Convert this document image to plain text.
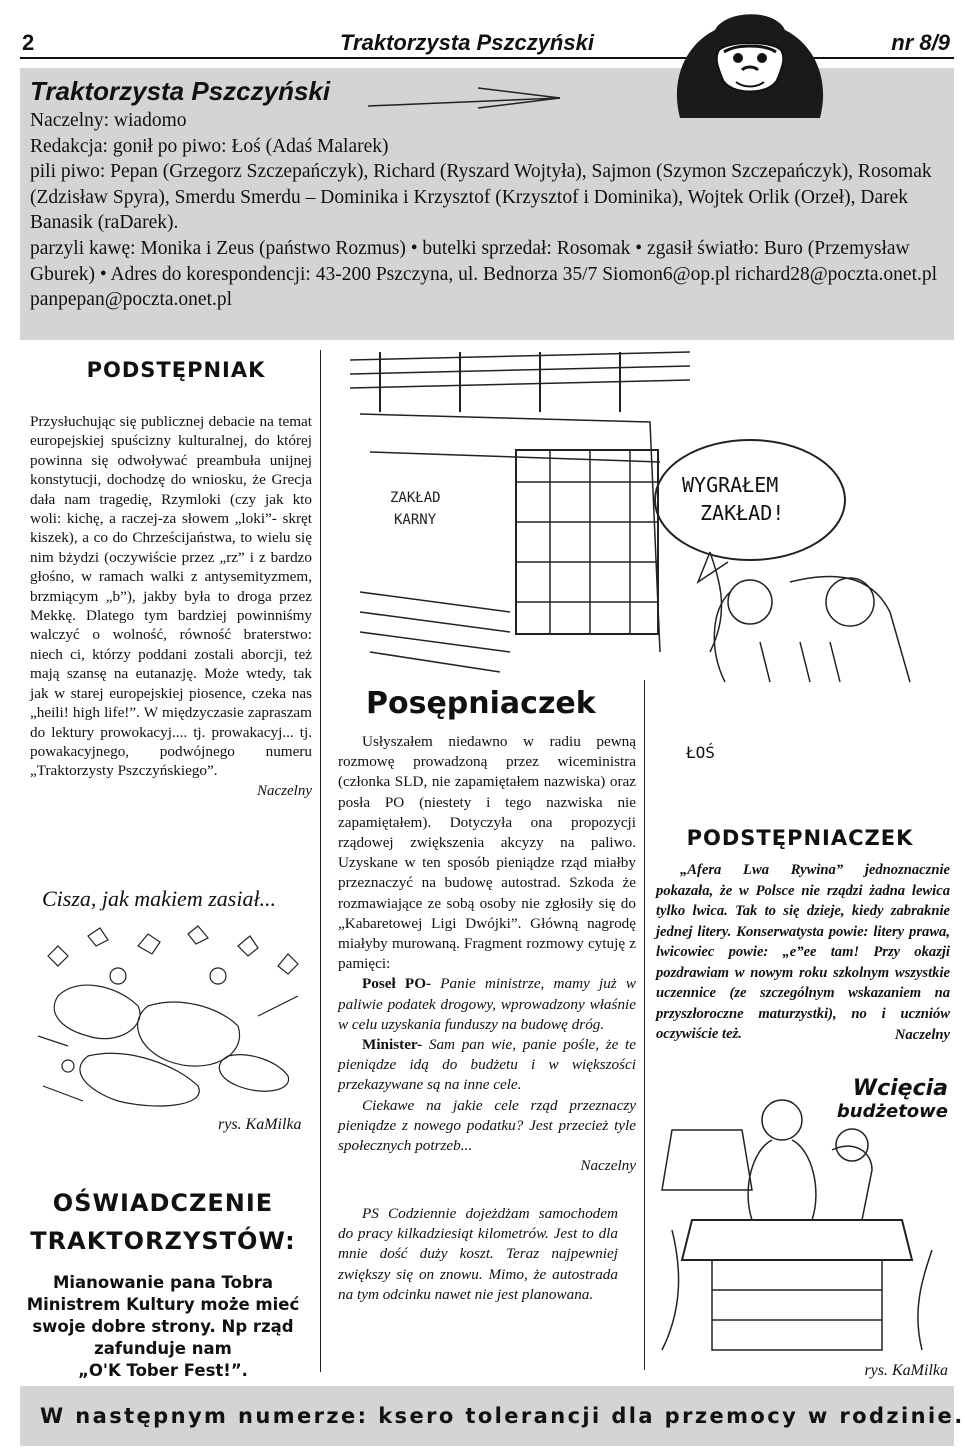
2	Traktorzysta Pszczyński	nr 8/9
Traktorzysta Pszczyński

Naczelny: wiadomo

Redakcja: gonił po piwo: Łoś (Adaś Malarek)

pili piwo: Pepan (Grzegorz Szczepańczyk), Richard (Ryszard Wojtyła), Sajmon (Szymon Szczepańczyk), Rosomak (Zdzisław Spyra), Smerdu Smerdu – Dominika i Krzysztof (Krzysztof i Dominika), Wojtek Orlik (Orzeł), Darek Banasik (raDarek).

parzyli kawę: Monika i Zeus (państwo Rozmus) • butelki sprzedał: Rosomak • zgasił światło: Buro (Przemysław Gburek) • Adres do korespondencji: 43-200 Pszczyna, ul. Bednorza 35/7 Siomon6@op.pl richard28@poczta.onet.pl panpepan@poczta.onet.pl

PODSTĘPNIAK
Przysłuchując się publicznej debacie na temat europejskiej spuścizny kulturalnej, do której powinna się odwoływać preambuła unijnej konstytucji, dochodzę do wniosku, że Grecja dała nam tragedię, Rzymloki (czy jak kto woli: kichę, a raczej-za słowem „loki”- skręt kiszek), a co do Chrześcijaństwa, to wielu się nim bżydzi (oczywiście przez „rz” i z bardzo głośno, w ramach walki z antysemityzmem, brzmiącym „b”), jakby była to droga przez Mekkę. Dlatego tym bardziej powinniśmy walczyć o wolność, równość braterstwo: niech ci, którzy poddani zostali aborcji, też mają szansę na eutanazję. Może wtedy, tak jak w starej europejskiej piosence, czeka nas „heili! high life!”. W międzyczasie zapraszam do lektury prowokacyj.... tj. prowakacyj... tj. powakacyjnego, podwójnego numeru „Traktorzysty Pszczyńskiego”.
Naczelny
Cisza, jak makiem zasiał...
rys. KaMilka
OŚWIADCZENIE
TRAKTORZYSTÓW:
Mianowanie pana Tobra Ministrem Kultury może mieć swoje dobre strony. Np rząd zafunduje nam
„O'K Tober Fest!”.
ZAKŁAD
KARNY
WYGRAŁEM
ZAKŁAD!
ŁOŚ
Posępniaczek

Usłyszałem niedawno w radiu pewną rozmowę prowadzoną przez wiceministra (członka SLD, nie zapamiętałem nazwiska) oraz posła PO (niestety i tego nazwiska nie zapamiętałem). Dotyczyła ona propozycji rządowej zwiększenia akcyzy na paliwo. Uzyskane w ten sposób pieniądze rząd miałby przeznaczyć na budowę autostrad. Szkoda że rozmawiające ze sobą osoby nie zgłosiły się do „Kabaretowej Ligi Dwójki”. Główną nagrodę miałyby murowaną. Fragment rozmowy cytuję z pamięci:

Poseł PO- Panie ministrze, mamy już w paliwie podatek drogowy, wprowadzony właśnie w celu uzyskania funduszy na budowę dróg.

Minister- Sam pan wie, panie pośle, że te pieniądze idą do budżetu i w większości przekazywane są na inne cele.

Ciekawe na jakie cele rząd przeznaczy pieniądze z nowego podatku? Jest przecież tyle społecznych potrzeb...

Naczelny

PS Codziennie dojeżdżam samochodem do pracy kilkadziesiąt kilometrów. Jest to dla mnie dość duży koszt. Teraz najpewniej zwiększy się on znowu. Mimo, że autostrada na tym odcinku nawet nie jest planowana.
PODSTĘPNIACZEK
„Afera Lwa Rywina” jednoznacznie pokazała, że w Polsce nie rządzi żadna lewica tylko lwica. Tak to się dzieje, kiedy zabraknie jednej litery. Konserwatysta powie: litery prawa, lwicowiec powie: „e”ee tam! Przy okazji pozdrawiam w nowym roku szkolnym wszystkie uczennice (ze szczególnym wskazaniem na przyszłoroczne maturzystki), no i uczniów oczywiście też.	Naczelny
Wcięcia
budżetowe
rys. KaMilka
W następnym numerze: ksero tolerancji dla przemocy w rodzinie.
